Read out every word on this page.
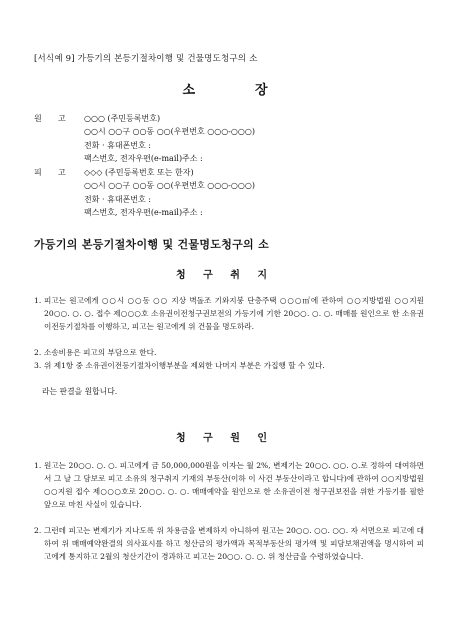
[서식예 9] 가등기의 본등기절차이행 및 건물명도청구의 소
소장
원 고 ○○○ (주민등록번호)
○○시 ○○구 ○○동 ○○(우편번호 ○○○-○○○)
전화 · 휴대폰번호 :
팩스번호, 전자우편(e-mail)주소 :
피 고 ◇◇◇ (주민등록번호 또는 한자)
○○시 ○○구 ○○동 ○○(우편번호 ○○○-○○○)
전화 · 휴대폰번호 :
팩스번호, 전자우편(e-mail)주소 :
가등기의 본등기절차이행 및 건물명도청구의 소
청 구 취 지
1. 피고는 원고에게 ○○시 ○○동 ○○ 지상 벽돌조 기와지붕 단층주택 ○○○㎡에 관하여 ○○지방법원 ○○지원 20○○. ○. ○. 접수 제○○○호 소유권이전청구권보전의 가등기에 기한 20○○. ○. ○. 매매를 원인으로 한 소유권이전등기절차를 이행하고, 피고는 원고에게 위 건물을 명도하라.
2. 소송비용은 피고의 부담으로 한다.
3. 위 제1항 중 소유권이전등기절차이행부분을 제외한 나머지 부분은 가집행 할 수 있다.
라는 판결을 원합니다.
청 구 원 인
1. 원고는 20○○. ○. ○. 피고에게 금 50,000,000원을 이자는 월 2%, 변제기는 20○○. ○○. ○.로 정하여 대여하면서 그 날 그 담보로 피고 소유의 청구취지 기재의 부동산(이하 이 사건 부동산이라고 합니다)에 관하여 ○○지방법원 ○○지원 접수 제○○○호로 20○○. ○. ○. 매매예약을 원인으로 한 소유권이전 청구권보전을 위한 가등기를 필한 앞으로 마친 사실이 있습니다.
2. 그런데 피고는 변제기가 지나도록 위 차용금을 변제하지 아니하여 원고는 20○○. ○○. ○○. 자 서면으로 피고에 대하여 위 매매예약완결의 의사표시를 하고 청산금의 평가액과 목적부동산의 평가액 및 피담보채권액을 명시하여 피고에게 통지하고 2월의 청산기간이 경과하고 피고는 20○○. ○. ○. 위 청산금을 수령하였습니다.
